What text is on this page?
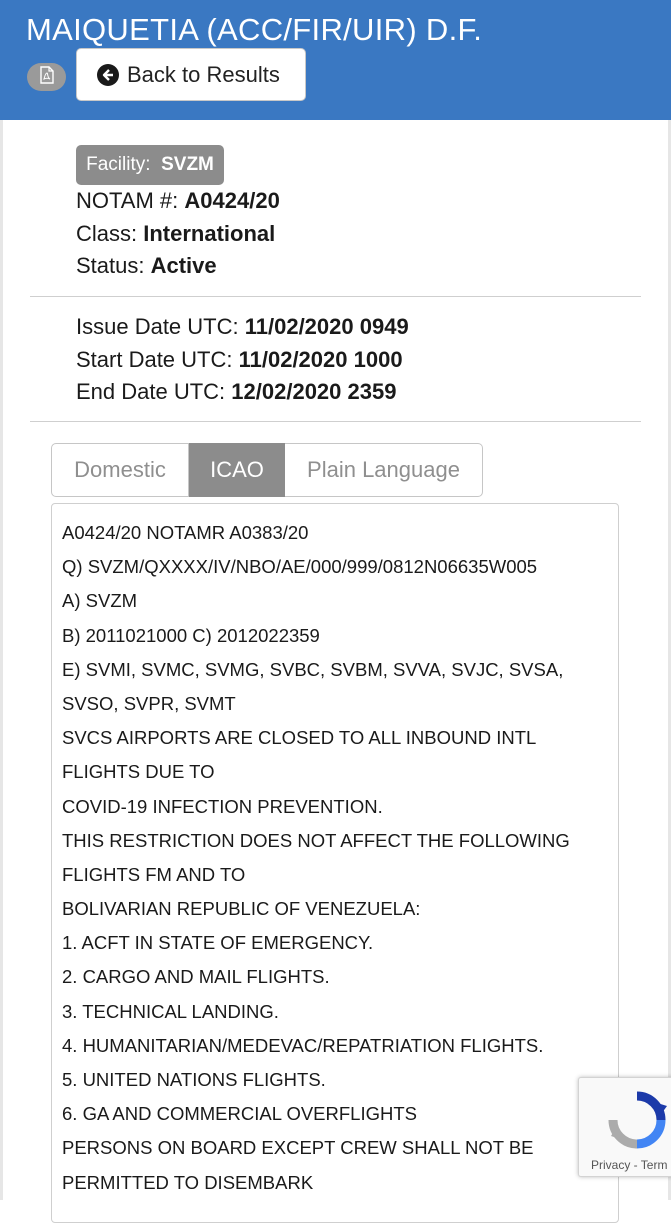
MAIQUETIA (ACC/FIR/UIR) D.F.
Back to Results
Facility:
SVZM
NOTAM #: A0424/20
Class: International
Status: Active
Issue Date UTC: 11/02/2020 0949
Start Date UTC: 11/02/2020 1000
End Date UTC: 12/02/2020 2359
Domestic	ICAO	Plain Language
A0424/20 NOTAMR A0383/20
Q) SVZM/QXXXX/IV/NBO/AE/000/999/0812N06635W005
A) SVZM
B) 2011021000 C) 2012022359
E) SVMI, SVMC, SVMG, SVBC, SVBM, SVVA, SVJC, SVSA,
SVSO, SVPR, SVMT
SVCS AIRPORTS ARE CLOSED TO ALL INBOUND INTL
FLIGHTS DUE TO
COVID-19 INFECTION PREVENTION.
THIS RESTRICTION DOES NOT AFFECT THE FOLLOWING
FLIGHTS FM AND TO
BOLIVARIAN REPUBLIC OF VENEZUELA:
1. ACFT IN STATE OF EMERGENCY.
2. CARGO AND MAIL FLIGHTS.
3. TECHNICAL LANDING.
4. HUMANITARIAN/MEDEVAC/REPATRIATION FLIGHTS.
5. UNITED NATIONS FLIGHTS.
6. GA AND COMMERCIAL OVERFLIGHTS
PERSONS ON BOARD EXCEPT CREW SHALL NOT BE
PERMITTED TO DISEMBARK
Privacy - Term
